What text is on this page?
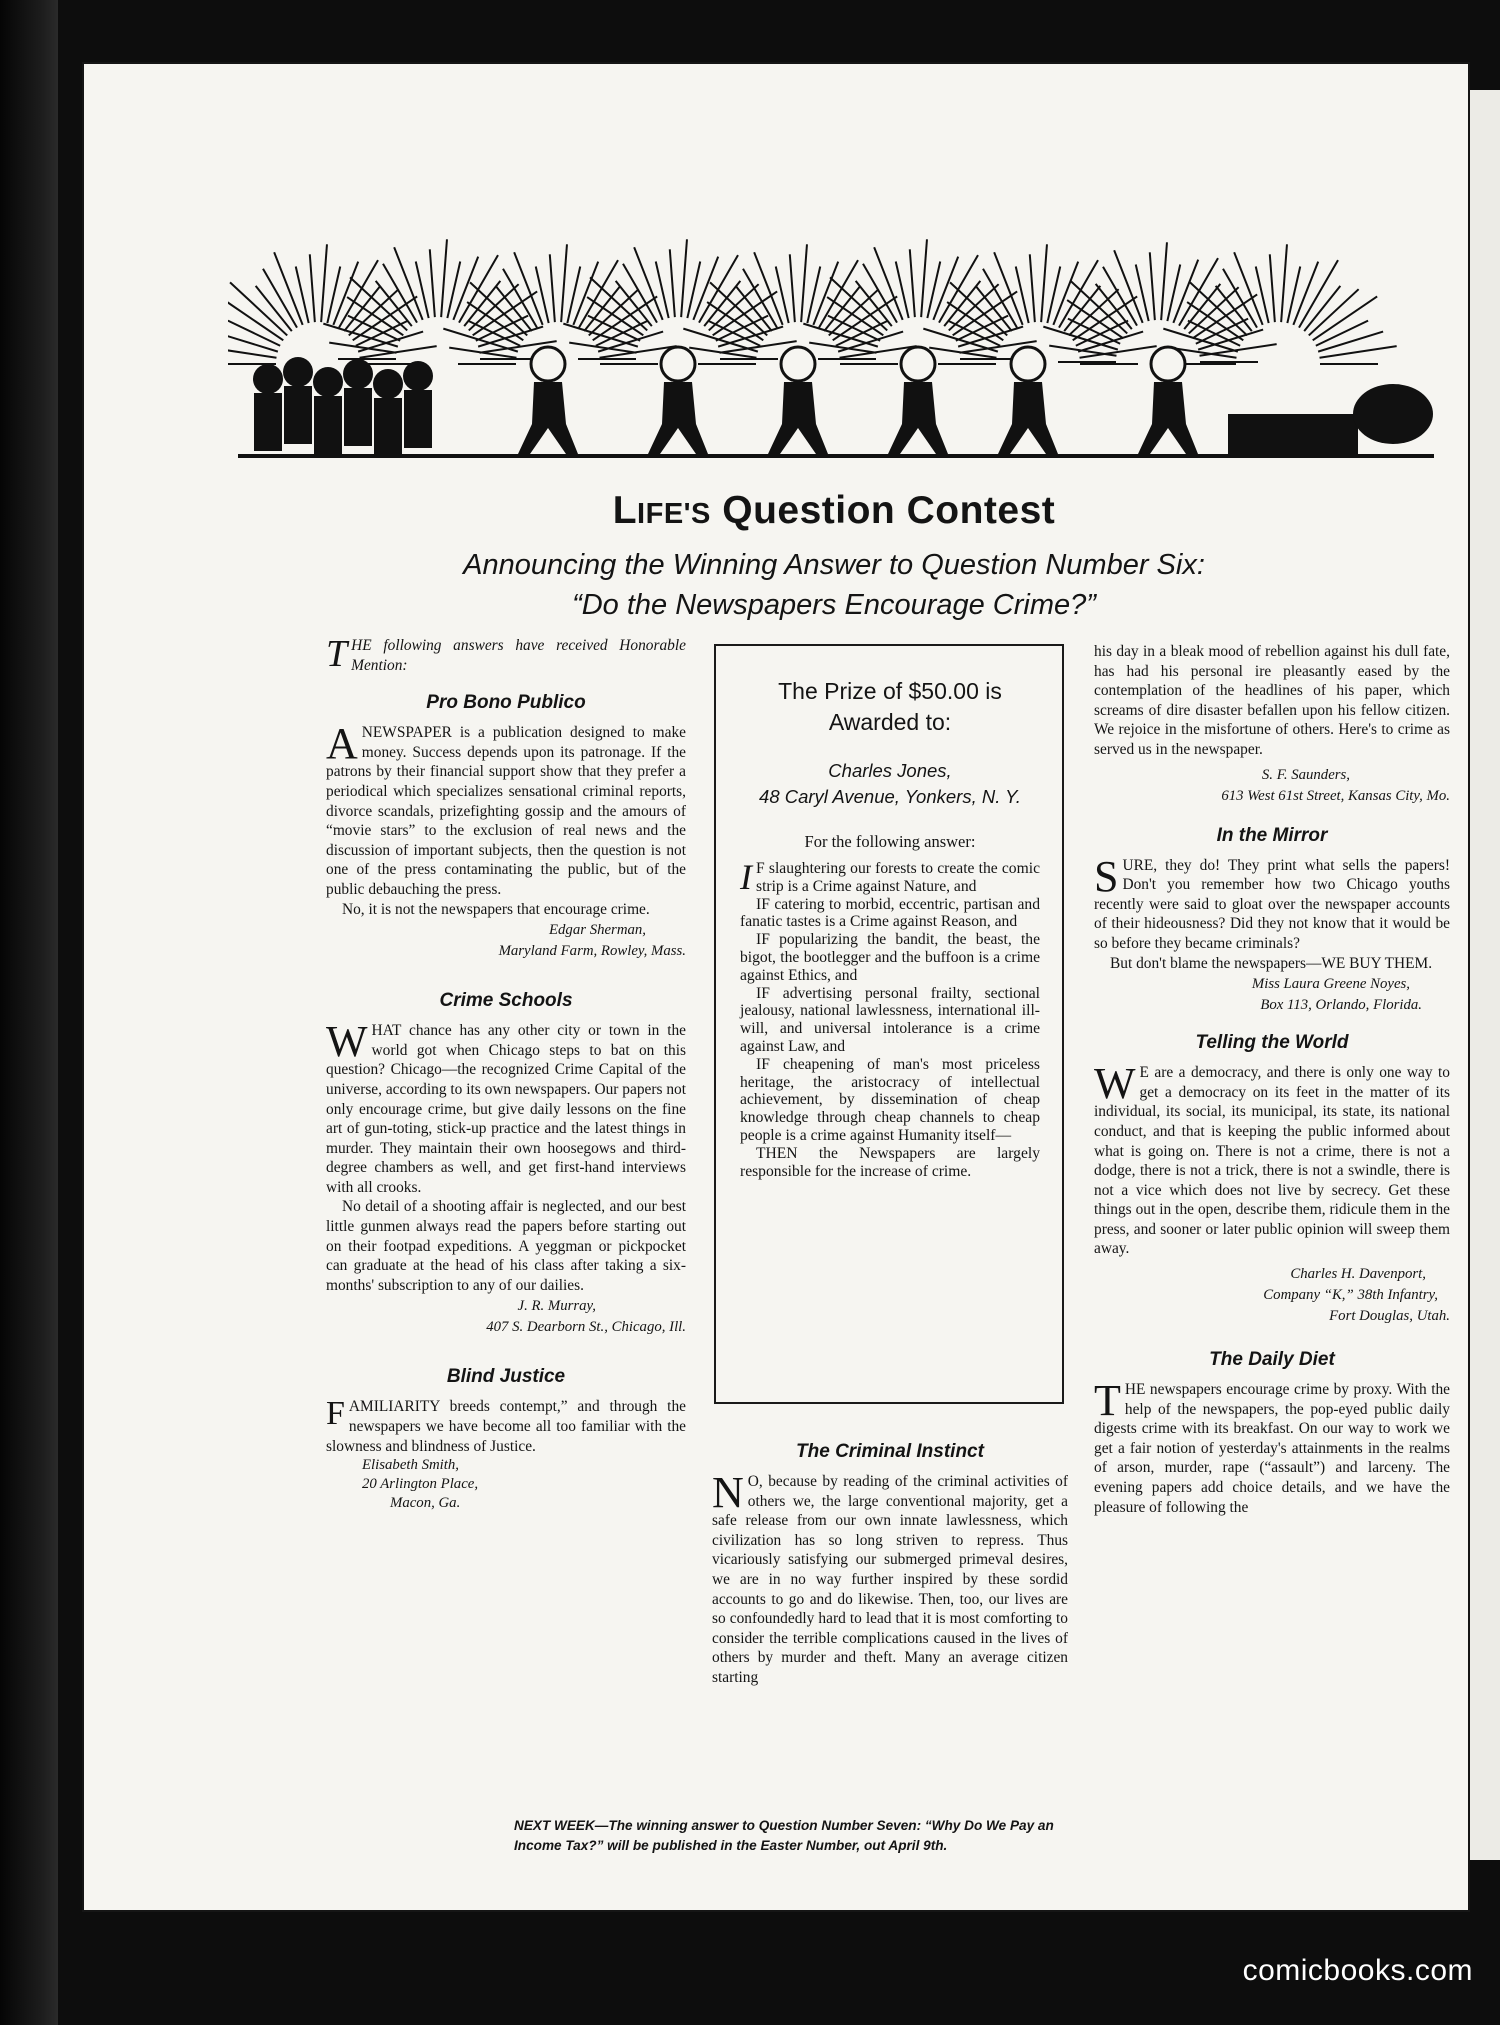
LIFE'S Question Contest
Announcing the Winning Answer to Question Number Six:
“Do the Newspapers Encourage Crime?”

THE following answers have received Honorable Mention:

Pro Bono Publico

ANEWSPAPER is a publication designed to make money. Success depends upon its patronage. If the patrons by their financial support show that they prefer a periodical which specializes sensational criminal reports, divorce scandals, prizefighting gossip and the amours of “movie stars” to the exclusion of real news and the discussion of important subjects, then the question is not one of the press contaminating the public, but of the public debauching the press.

No, it is not the newspapers that encourage crime.

Edgar Sherman,
Maryland Farm, Rowley, Mass.
Crime Schools

WHAT chance has any other city or town in the world got when Chicago steps to bat on this question? Chicago—the recognized Crime Capital of the universe, according to its own newspapers. Our papers not only encourage crime, but give daily lessons on the fine art of gun-toting, stick-up practice and the latest things in murder. They maintain their own hoosegows and third-degree chambers as well, and get first-hand interviews with all crooks.

No detail of a shooting affair is neglected, and our best little gunmen always read the papers before starting out on their footpad expeditions. A yeggman or pickpocket can graduate at the head of his class after taking a six-months' subscription to any of our dailies.

J. R. Murray,
407 S. Dearborn St., Chicago, Ill.
Blind Justice

FAMILIARITY breeds contempt,” and through the newspapers we have become all too familiar with the slowness and blindness of Justice.

Elisabeth Smith,
20 Arlington Place,
Macon, Ga.
The Prize of $50.00 is
Awarded to:
Charles Jones,
48 Caryl Avenue, Yonkers, N. Y.
For the following answer:

I F slaughtering our forests to create the comic strip is a Crime against Nature, and

IF catering to morbid, eccentric, partisan and fanatic tastes is a Crime against Reason, and

IF popularizing the bandit, the beast, the bigot, the bootlegger and the buffoon is a crime against Ethics, and

IF advertising personal frailty, sectional jealousy, national lawlessness, international ill-will, and universal intolerance is a crime against Law, and

IF cheapening of man's most priceless heritage, the aristocracy of intellectual achievement, by dissemination of cheap knowledge through cheap channels to cheap people is a crime against Humanity itself—

THEN the Newspapers are largely responsible for the increase of crime.

The Criminal Instinct

N O, because by reading of the criminal activities of others we, the large conventional majority, get a safe release from our own innate lawlessness, which civilization has so long striven to repress. Thus vicariously satisfying our submerged primeval desires, we are in no way further inspired by these sordid accounts to go and do likewise. Then, too, our lives are so confoundedly hard to lead that it is most comforting to consider the terrible complications caused in the lives of others by murder and theft. Many an average citizen starting

his day in a bleak mood of rebellion against his dull fate, has had his personal ire pleasantly eased by the contemplation of the headlines of his paper, which screams of dire disaster befallen upon his fellow citizen. We rejoice in the misfortune of others. Here's to crime as served us in the newspaper.

S. F. Saunders,
613 West 61st Street, Kansas City, Mo.
In the Mirror

SURE, they do! They print what sells the papers! Don't you remember how two Chicago youths recently were said to gloat over the newspaper accounts of their hideousness? Did they not know that it would be so before they became criminals?

But don't blame the newspapers—WE BUY THEM.

Miss Laura Greene Noyes,
Box 113, Orlando, Florida.
Telling the World

W E are a democracy, and there is only one way to get a democracy on its feet in the matter of its individual, its social, its municipal, its state, its national conduct, and that is keeping the public informed about what is going on. There is not a crime, there is not a dodge, there is not a trick, there is not a swindle, there is not a vice which does not live by secrecy. Get these things out in the open, describe them, ridicule them in the press, and sooner or later public opinion will sweep them away.

Charles H. Davenport,
Company “K,” 38th Infantry,
Fort Douglas, Utah.
The Daily Diet

THE newspapers encourage crime by proxy. With the help of the newspapers, the pop-eyed public daily digests crime with its breakfast. On our way to work we get a fair notion of yesterday's attainments in the realms of arson, murder, rape (“assault”) and larceny. The evening papers add choice details, and we have the pleasure of following the

NEXT WEEK—The winning answer to Question Number Seven: “Why Do We Pay an Income Tax?” will be published in the Easter Number, out April 9th.
comicbooks.com
